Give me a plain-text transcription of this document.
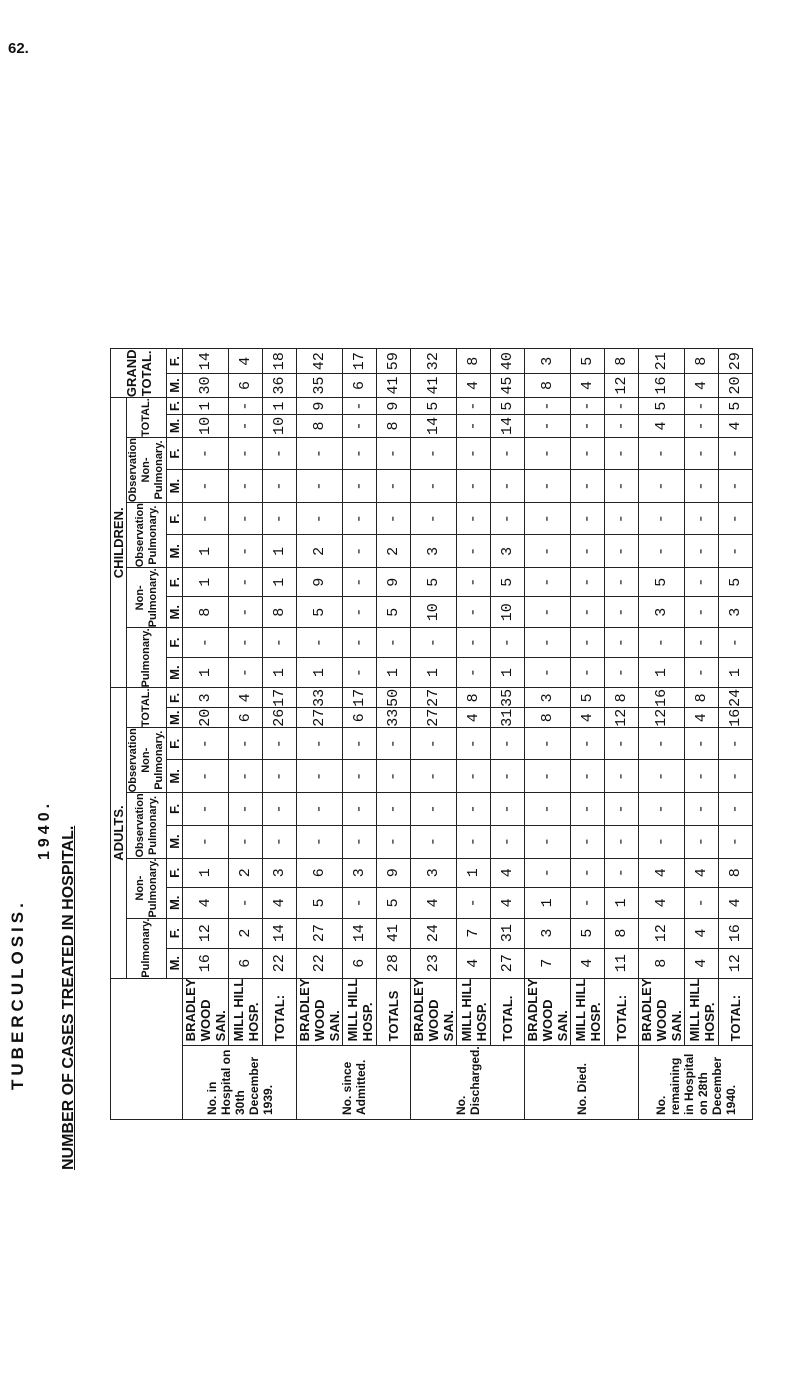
62.
TUBERCULOSIS.
1940. NUMBER OF CASES TREATED IN HOSPITAL.
		ADULTS.										CHILDREN.										GRAND TOTAL.	
		Pulmonary.		Non-Pulmonary.		Observation Pulmonary.		Observation Non-Pulmonary.		TOTAL.		Pulmonary.		Non-Pulmonary.		Observation Pulmonary.		Observation Non-Pulmonary.		TOTAL.			
		M.	F.	M.	F.	M.	F.	M.	F.	M.	F.	M.	F.	M.	F.	M.	F.	M.	F.	M.	F.	M.	F.
No. in Hospital on 30th December 1939.	BRADLEY WOOD SAN.	16	12	4	1	-	-	-	-	20	3	1	-	8	1	1	-	-	-	10	1	30	14
	MILL HILL HOSP.	6	2	-	2	-	-	-	-	6	4	-	-	-	-	-	-	-	-	-	-	6	4
	TOTAL:	22	14	4	3	-	-	-	-	26	17	1	-	8	1	1	-	-	-	10	1	36	18
No. since Admitted.	BRADLEY WOOD SAN.	22	27	5	6	-	-	-	-	27	33	1	-	5	9	2	-	-	-	8	9	35	42
	MILL HILL HOSP.	6	14	-	3	-	-	-	-	6	17	-	-	-	-	-	-	-	-	-	-	6	17
	TOTALS	28	41	5	9	-	-	-	-	33	50	1	-	5	9	2	-	-	-	8	9	41	59
No. Discharged.	BRADLEY WOOD SAN.	23	24	4	3	-	-	-	-	27	27	1	-	10	5	3	-	-	-	14	5	41	32
	MILL HILL HOSP.	4	7	-	1	-	-	-	-	4	8	-	-	-	-	-	-	-	-	-	-	4	8
	TOTAL.	27	31	4	4	-	-	-	-	31	35	1	-	10	5	3	-	-	-	14	5	45	40
No. Died.	BRADLEY WOOD SAN.	7	3	1	-	-	-	-	-	8	3	-	-	-	-	-	-	-	-	-	-	8	3
	MILL HILL HOSP.	4	5	-	-	-	-	-	-	4	5	-	-	-	-	-	-	-	-	-	-	4	5
	TOTAL:	11	8	1	-	-	-	-	-	12	8	-	-	-	-	-	-	-	-	-	-	12	8
No. remaining in Hospital on 28th December 1940.	BRADLEY WOOD SAN.	8	12	4	4	-	-	-	-	12	16	1	-	3	5	-	-	-	-	4	5	16	21
	MILL HILL HOSP.	4	4	-	4	-	-	-	-	4	8	-	-	-	-	-	-	-	-	-	-	4	8
	TOTAL:	12	16	4	8	-	-	-	-	16	24	1	-	3	5	-	-	-	-	4	5	20	29
